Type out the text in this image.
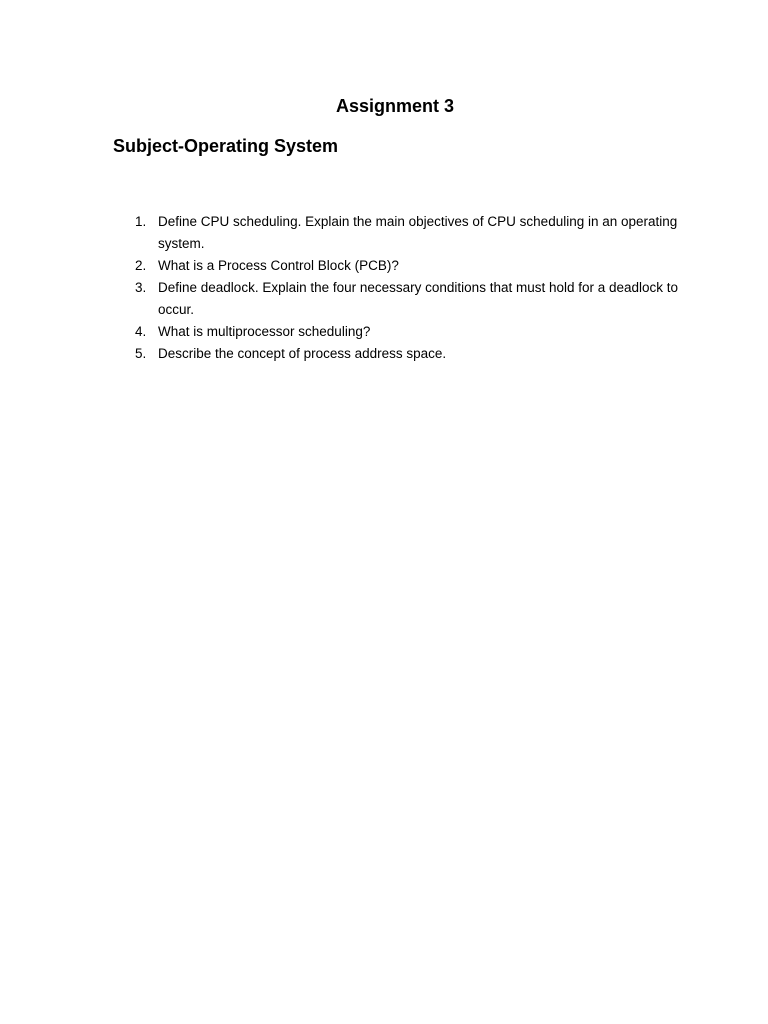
Assignment 3
Subject-Operating System
1. Define CPU scheduling. Explain the main objectives of CPU scheduling in an operating system.
2. What is a Process Control Block (PCB)?
3. Define deadlock. Explain the four necessary conditions that must hold for a deadlock to occur.
4. What is multiprocessor scheduling?
5. Describe the concept of process address space.
